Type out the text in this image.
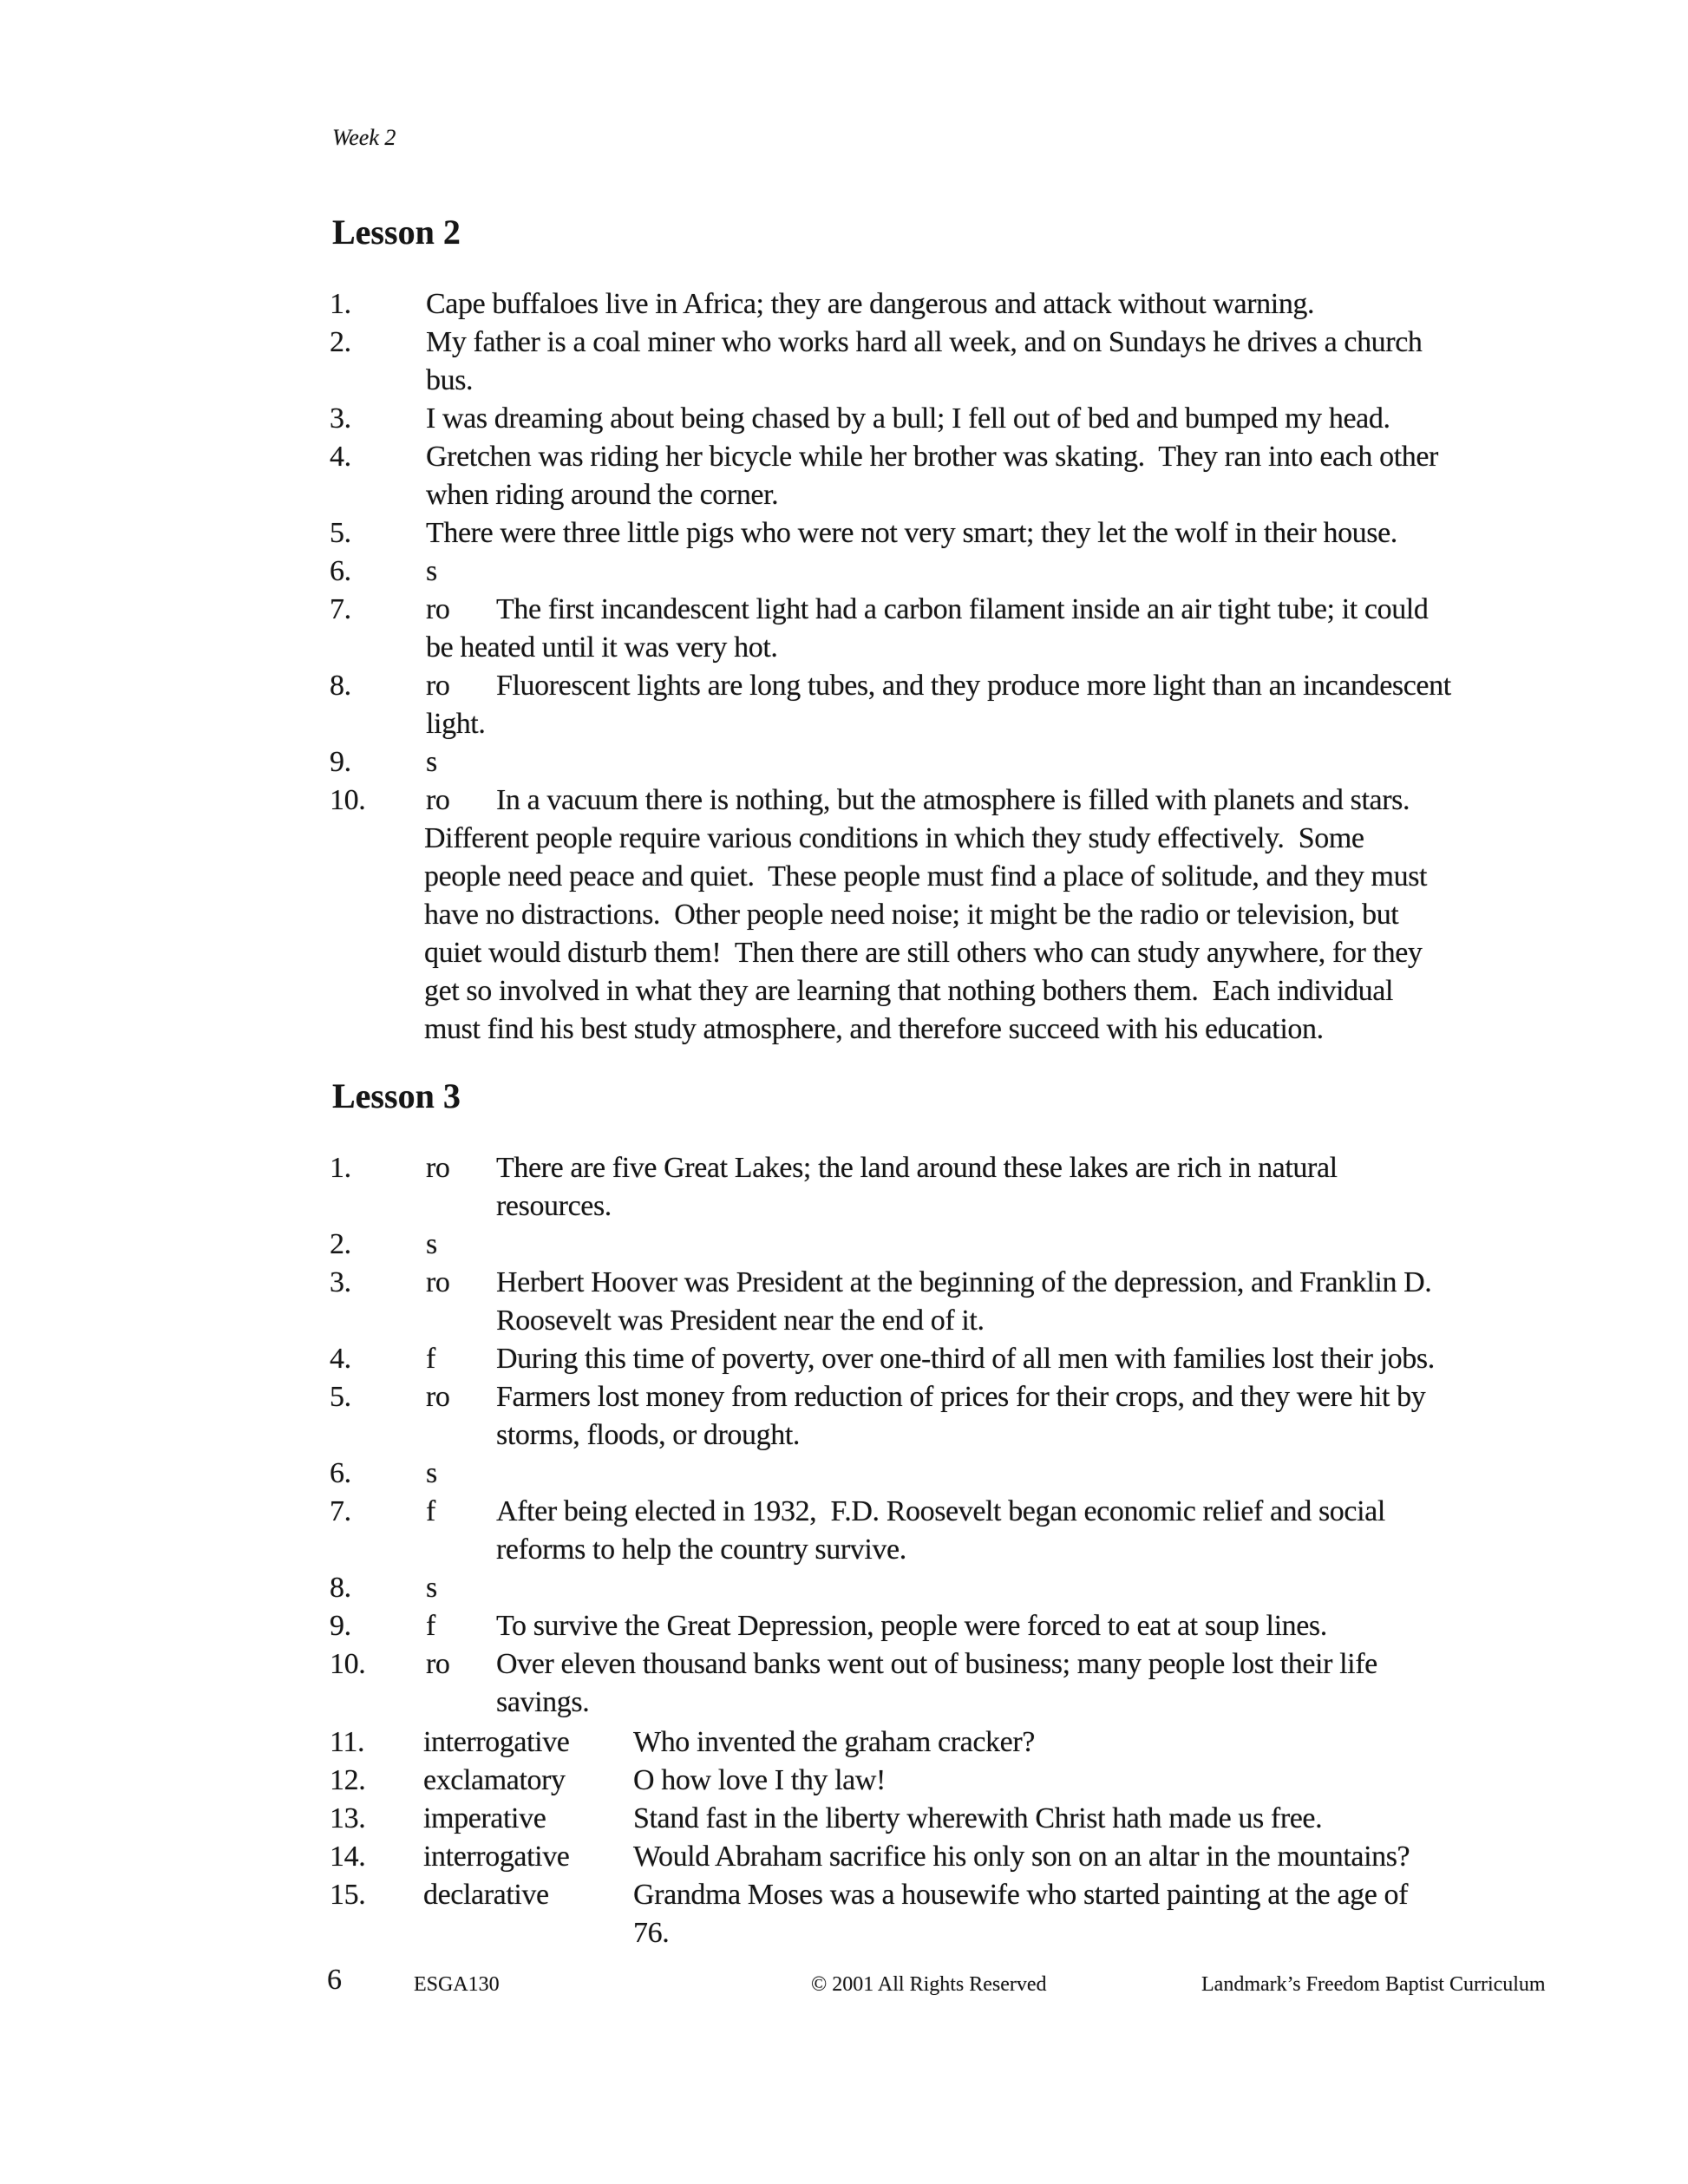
Week 2
Lesson 2
1.	Cape buffaloes live in Africa; they are dangerous and attack without warning.
2.	My father is a coal miner who works hard all week, and on Sundays he drives a church
bus.
3.	I was dreaming about being chased by a bull; I fell out of bed and bumped my head.
4.	Gretchen was riding her bicycle while her brother was skating.  They ran into each other
when riding around the corner.
5.	There were three little pigs who were not very smart; they let the wolf in their house.
6.	s
7.	ro The first incandescent light had a carbon filament inside an air tight tube; it could
be heated until it was very hot.
8.	ro Fluorescent lights are long tubes, and they produce more light than an incandescent
light.
9.	s
10. ro In a vacuum there is nothing, but the atmosphere is filled with planets and stars.
Different people require various conditions in which they study effectively.  Some
people need peace and quiet.  These people must find a place of solitude, and they must
have no distractions.  Other people need noise; it might be the radio or television, but
quiet would disturb them!  Then there are still others who can study anywhere, for they
get so involved in what they are learning that nothing bothers them.  Each individual
must find his best study atmosphere, and therefore succeed with his education.
Lesson 3
1.	ro There are five Great Lakes; the land around these lakes are rich in natural
resources.
2.	s
3.	ro Herbert Hoover was President at the beginning of the depression, and Franklin D.
Roosevelt was President near the end of it.
4.	f During this time of poverty, over one-third of all men with families lost their jobs.
5.	ro Farmers lost money from reduction of prices for their crops, and they were hit by
storms, floods, or drought.
6.	s
7.	f After being elected in 1932,  F.D. Roosevelt began economic relief and social
reforms to help the country survive.
8.	s
9.	f To survive the Great Depression, people were forced to eat at soup lines.
10. ro Over eleven thousand banks went out of business; many people lost their life
savings.
11. interrogative Who invented the graham cracker?
12. exclamatory O how love I thy law!
13. imperative	Stand fast in the liberty wherewith Christ hath made us free.
14. interrogative Would Abraham sacrifice his only son on an altar in the mountains?
15. declarative	Grandma Moses was a housewife who started painting at the age of
76.
6	ESGA130	© 2001 All Rights Reserved	Landmark’s Freedom Baptist Curriculum
